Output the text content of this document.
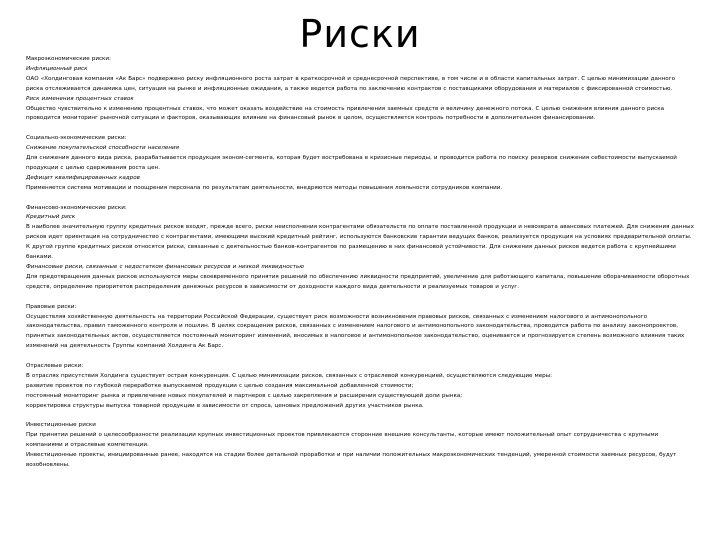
Риски
Макроэкономические риски:
Инфляционный риск
ОАО «Холдинговая компания «Ак Барс» подвержено риску инфляционного роста затрат в краткосрочной и среднесрочной перспективе, в том числе и в области капитальных затрат. С целью минимизации данного риска отслеживается динамика цен, ситуация на рынке и инфляционные ожидания, а также ведется работа по заключению контрактов с поставщиками оборудования и материалов с фиксированной стоимостью.
Риск изменения процентных ставок
Общество чувствительно к изменению процентных ставок, что может оказать воздействие на стоимость привлечения заемных средств и величину денежного потока. С целью снижения влияния данного риска проводится мониторинг рыночной ситуации и факторов, оказывающих влияние на финансовый рынок в целом, осуществляется контроль потребности в дополнительном финансировании.
Социально-экономические риски:
Снижение покупательской способности населения
Для снижения данного вида риска, разрабатывается продукция эконом-сегмента, которая будет востребована в кризисные периоды, и проводится работа по поиску резервов снижения себестоимости выпускаемой продукции с целью сдерживания роста цен.
Дефицит квалифицированных кадров
Применяется система мотивации и поощрения персонала по результатам деятельности, внедряются методы повышения лояльности сотрудников компании.
Финансово-экономические риски:
Кредитный риск
В наиболее значительную группу кредитных рисков входят, прежде всего, риски неисполнения контрагентами обязательств по оплате поставленной продукции и невозврата авансовых платежей. Для снижения данных рисков идет ориентация на сотрудничество с контрагентами, имеющими высокий кредитный рейтинг, используются банковские гарантии ведущих банков, реализуется продукция на условиях предварительной оплаты. К другой группе кредитных рисков относятся риски, связанные с деятельностью банков-контрагентов по размещению в них финансовой устойчивости. Для снижения данных рисков ведется работа с крупнейшими банками.
Финансовые риски, связанные с недостатком финансовых ресурсов и низкой ликвидностью
Для предотвращения данных рисков используются меры своевременного принятия решений по обеспечению ликвидности предприятий, увеличение для работающего капитала, повышение оборачиваемости оборотных средств, определение приоритетов распределения денежных ресурсов в зависимости от доходности каждого вида деятельности и реализуемых товаров и услуг.
Правовые риски:
Осуществляя хозяйственную деятельность на территории Российской Федерации, существует риск возможности возникновения правовых рисков, связанных с изменением налогового и антимонопольного законодательства, правил таможенного контроля и пошлин. В целях сокращения рисков, связанных с изменением налогового и антимонопольного законодательства, проводится работа по анализу законопроектов, принятых законодательных актов, осуществляется постоянный мониторинг изменений, вносимых в налоговое и антимонопольное законодательство, оценивается и прогнозируется степень возможного влияния таких изменений на деятельность Группы компаний Холдинга Ак Барс.
Отраслевые риски:
В отраслях присутствия Холдинга существует острая конкуренция. С целью минимизации рисков, связанных с отраслевой конкуренцией, осуществляются следующие меры:
развитие проектов по глубокой переработке выпускаемой продукции с целью создания максимальной добавленной стоимости;
постоянный мониторинг рынка и привлечение новых покупателей и партнеров с целью закрепления и расширения существующей доли рынка;
корректировка структуры выпуска товарной продукции в зависимости от спроса, ценовых предложений других участников рынка.
Инвестиционные риски
При принятии решений о целесообразности реализации крупных инвестиционных проектов привлекаются сторонние внешние консультанты, которые имеют положительный опыт сотрудничества с крупными компаниями и отраслевые компетенции.
Инвестиционные проекты, инициированные ранее, находятся на стадии более детальной проработки и при наличии положительных макроэкономических тенденций, умеренной стоимости заемных ресурсов, будут возобновлены.
